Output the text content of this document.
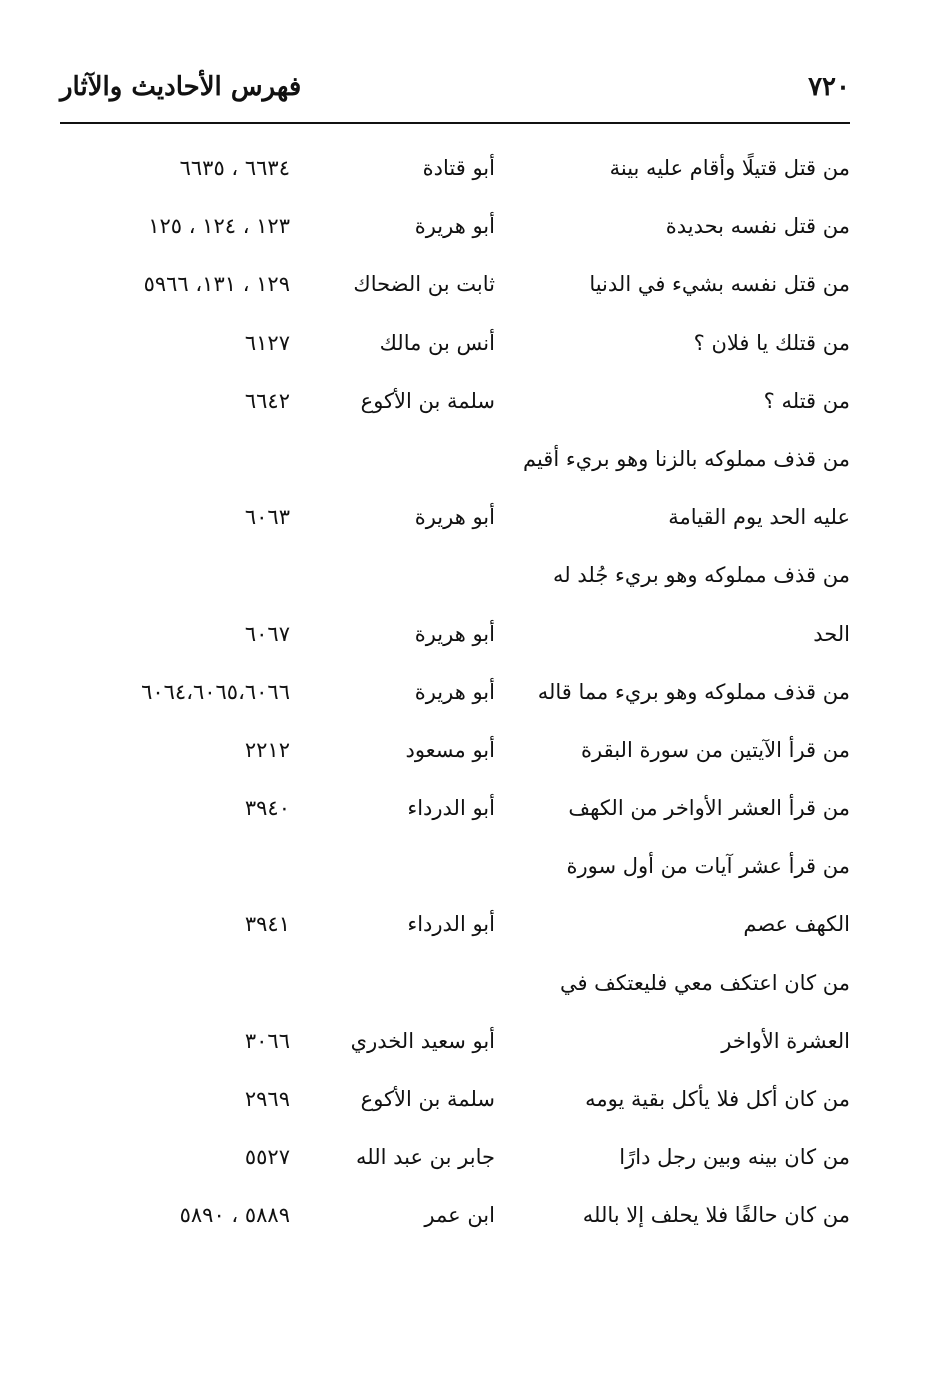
فهرس الأحاديث والآثار	٧٢٠
من قتل قتيلًا وأقام عليه بينة
أبو قتادة
٦٦٣٤ ، ٦٦٣٥
من قتل نفسه بحديدة
أبو هريرة
١٢٣ ، ١٢٤ ، ١٢٥
من قتل نفسه بشيء في الدنيا
ثابت بن الضحاك
١٢٩ ، ١٣١، ٥٩٦٦
من قتلك يا فلان ؟
أنس بن مالك
٦١٢٧
من قتله ؟
سلمة بن الأكوع
٦٦٤٢
من قذف مملوكه بالزنا وهو بريء أقيم
عليه الحد يوم القيامة
أبو هريرة
٦٠٦٣
من قذف مملوكه وهو بريء جُلد له
الحد
أبو هريرة
٦٠٦٧
من قذف مملوكه وهو بريء مما قاله
أبو هريرة
٦٠٦٤،٦٠٦٥،٦٠٦٦
من قرأ الآيتين من سورة البقرة
أبو مسعود
٢٢١٢
من قرأ العشر الأواخر من الكهف
أبو الدرداء
٣٩٤٠
من قرأ عشر آيات من أول سورة
الكهف عصم
أبو الدرداء
٣٩٤١
من كان اعتكف معي فليعتكف في
العشرة الأواخر
أبو سعيد الخدري
٣٠٦٦
من كان أكل فلا يأكل بقية يومه
سلمة بن الأكوع
٢٩٦٩
من كان بينه وبين رجل دارًا
جابر بن عبد الله
٥٥٢٧
من كان حالفًا فلا يحلف إلا بالله
ابن عمر
٥٨٨٩ ، ٥٨٩٠
